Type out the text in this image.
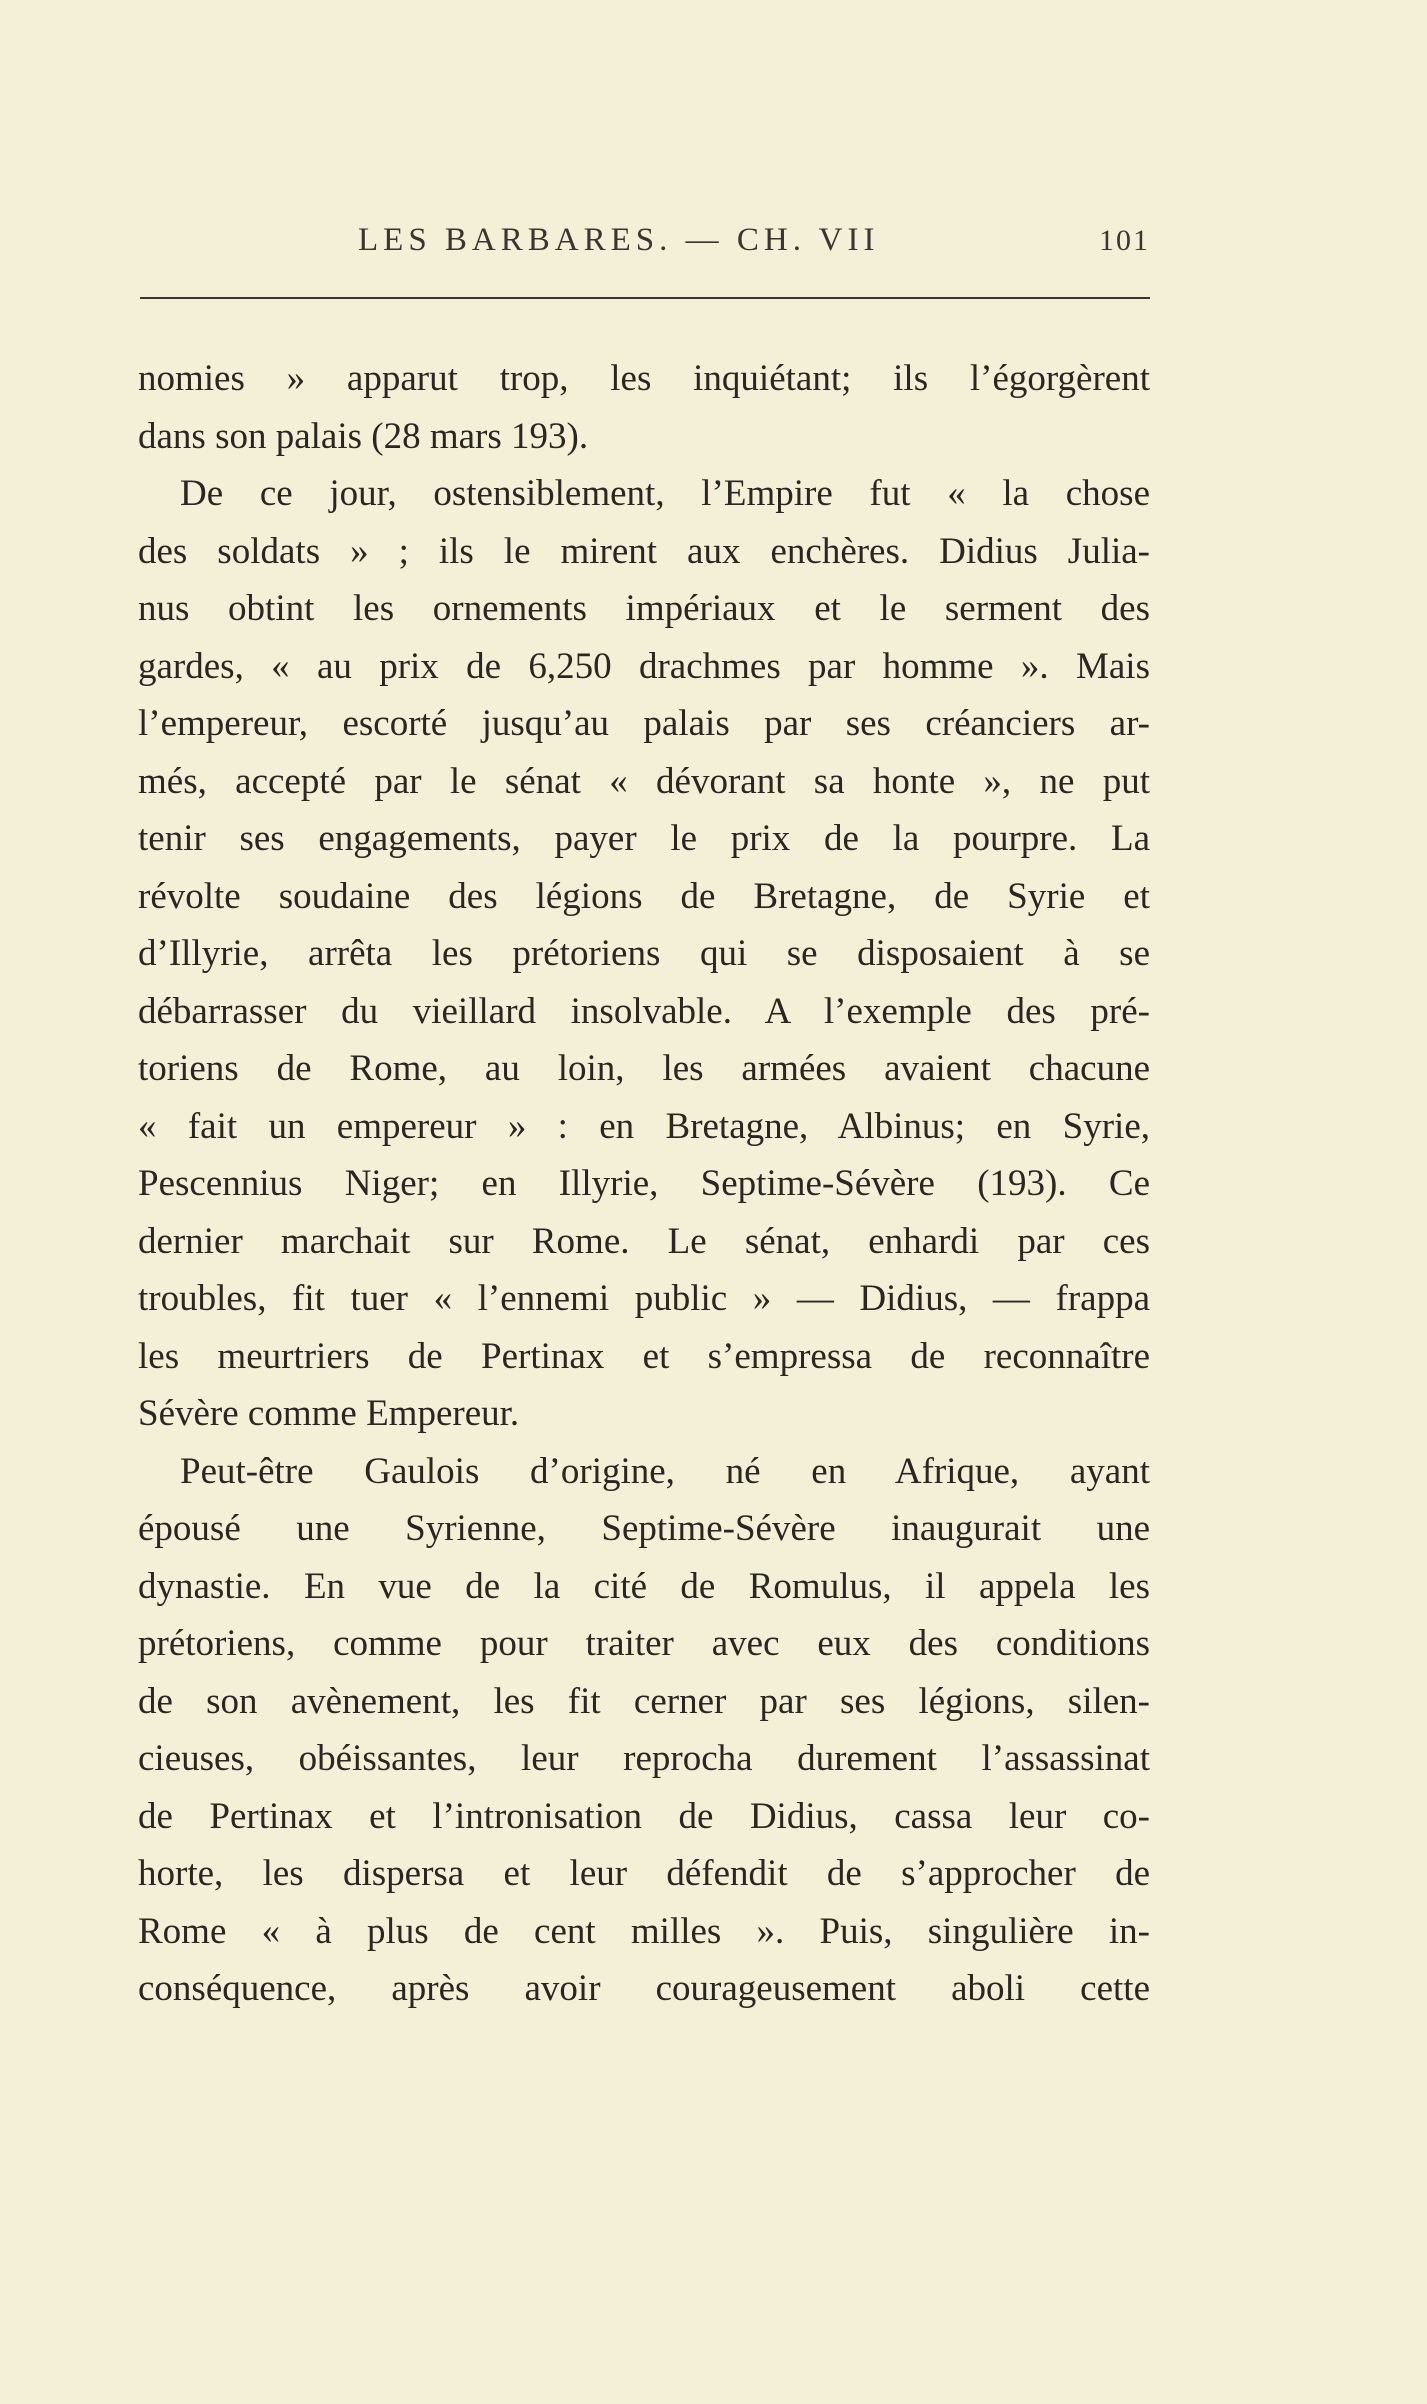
LES BARBARES. — CH. VII	101
nomies » apparut trop, les inquiétant; ils l’égorgèrent
dans son palais (28 mars 193).
De ce jour, ostensiblement, l’Empire fut « la chose
des soldats » ; ils le mirent aux enchères. Didius Julia-
nus obtint les ornements impériaux et le serment des
gardes, « au prix de 6,250 drachmes par homme ». Mais
l’empereur, escorté jusqu’au palais par ses créanciers ar-
més, accepté par le sénat « dévorant sa honte », ne put
tenir ses engagements, payer le prix de la pourpre. La
révolte soudaine des légions de Bretagne, de Syrie et
d’Illyrie, arrêta les prétoriens qui se disposaient à se
débarrasser du vieillard insolvable. A l’exemple des pré-
toriens de Rome, au loin, les armées avaient chacune
« fait un empereur » : en Bretagne, Albinus; en Syrie,
Pescennius Niger; en Illyrie, Septime-Sévère (193). Ce
dernier marchait sur Rome. Le sénat, enhardi par ces
troubles, fit tuer « l’ennemi public » — Didius, — frappa
les meurtriers de Pertinax et s’empressa de reconnaître
Sévère comme Empereur.
Peut-être Gaulois d’origine, né en Afrique, ayant
épousé une Syrienne, Septime-Sévère inaugurait une
dynastie. En vue de la cité de Romulus, il appela les
prétoriens, comme pour traiter avec eux des conditions
de son avènement, les fit cerner par ses légions, silen-
cieuses, obéissantes, leur reprocha durement l’assassinat
de Pertinax et l’intronisation de Didius, cassa leur co-
horte, les dispersa et leur défendit de s’approcher de
Rome « à plus de cent milles ». Puis, singulière in-
conséquence, après avoir courageusement aboli cette
